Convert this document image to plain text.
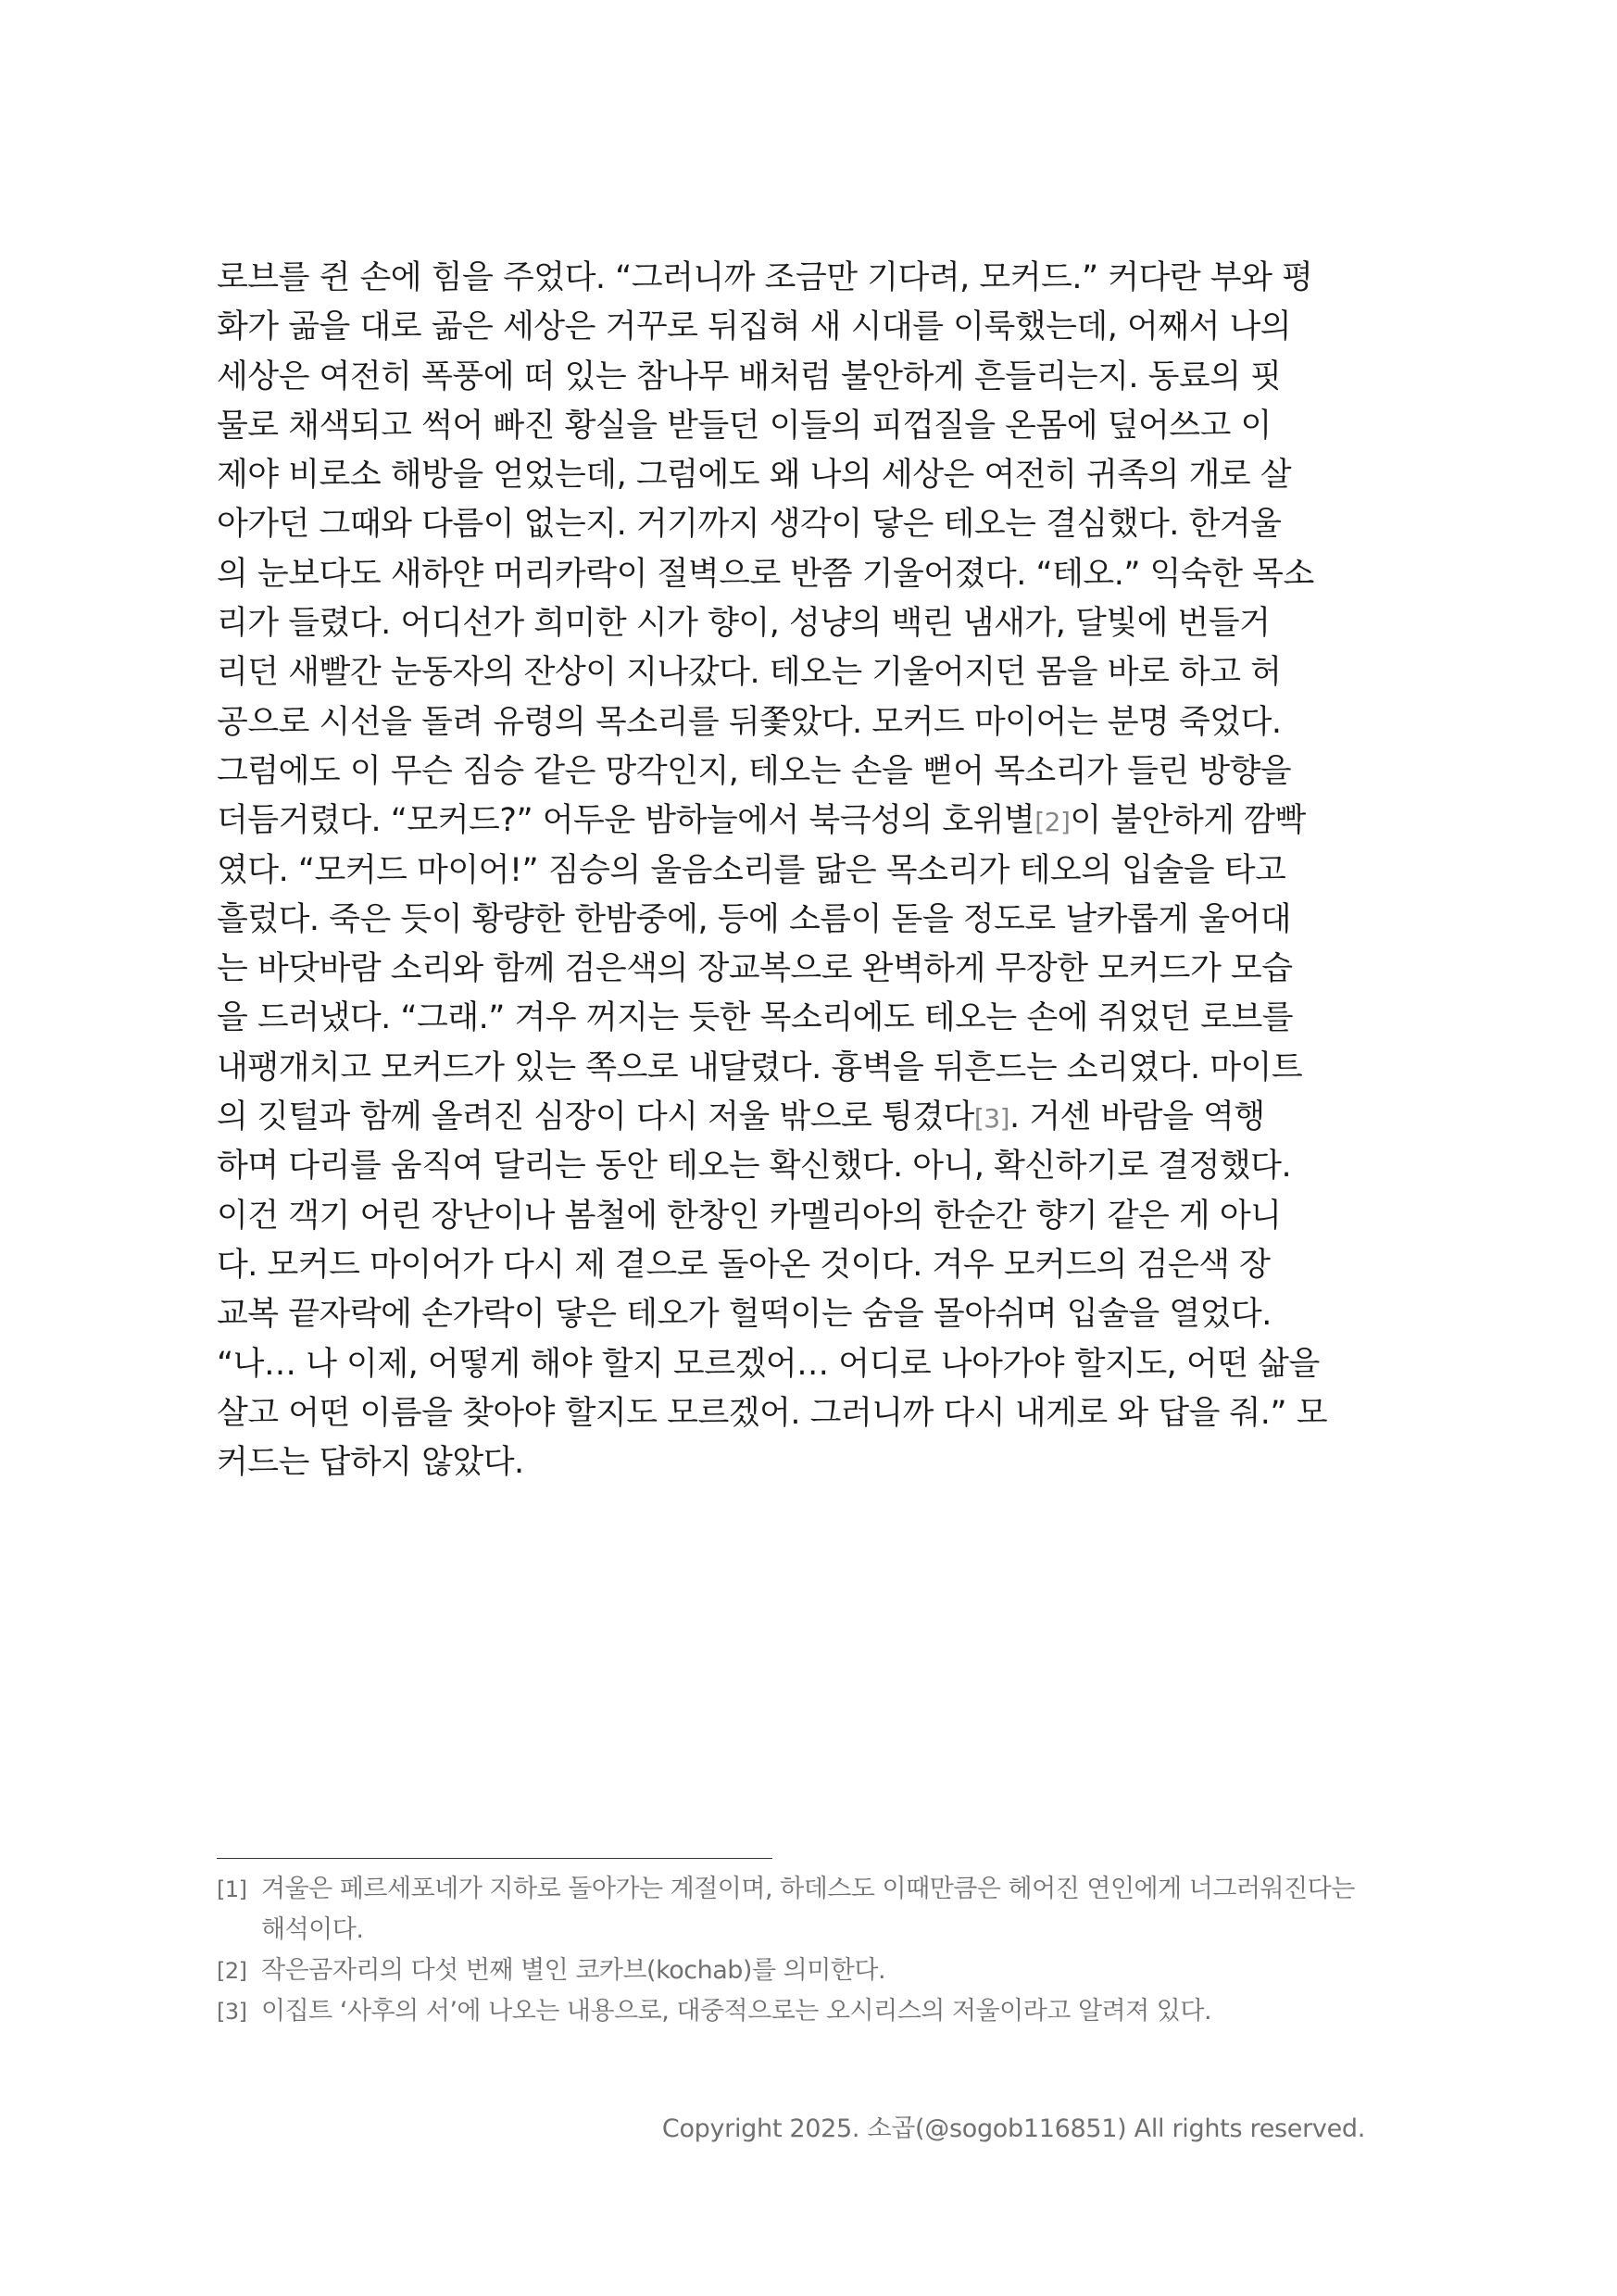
로브를 쥔 손에 힘을 주었다. “그러니까 조금만 기다려, 모커드.” 커다란 부와 평
화가 곪을 대로 곪은 세상은 거꾸로 뒤집혀 새 시대를 이룩했는데, 어째서 나의
세상은 여전히 폭풍에 떠 있는 참나무 배처럼 불안하게 흔들리는지. 동료의 핏
물로 채색되고 썩어 빠진 황실을 받들던 이들의 피껍질을 온몸에 덮어쓰고 이
제야 비로소 해방을 얻었는데, 그럼에도 왜 나의 세상은 여전히 귀족의 개로 살
아가던 그때와 다름이 없는지. 거기까지 생각이 닿은 테오는 결심했다. 한겨울
의 눈보다도 새하얀 머리카락이 절벽으로 반쯤 기울어졌다. “테오.” 익숙한 목소
리가 들렸다. 어디선가 희미한 시가 향이, 성냥의 백린 냄새가, 달빛에 번들거
리던 새빨간 눈동자의 잔상이 지나갔다. 테오는 기울어지던 몸을 바로 하고 허
공으로 시선을 돌려 유령의 목소리를 뒤쫓았다. 모커드 마이어는 분명 죽었다.
그럼에도 이 무슨 짐승 같은 망각인지, 테오는 손을 뻗어 목소리가 들린 방향을
더듬거렸다. “모커드?” 어두운 밤하늘에서 북극성의 호위별[2]이 불안하게 깜빡
였다. “모커드 마이어!” 짐승의 울음소리를 닮은 목소리가 테오의 입술을 타고
흘렀다. 죽은 듯이 황량한 한밤중에, 등에 소름이 돋을 정도로 날카롭게 울어대
는 바닷바람 소리와 함께 검은색의 장교복으로 완벽하게 무장한 모커드가 모습
을 드러냈다. “그래.” 겨우 꺼지는 듯한 목소리에도 테오는 손에 쥐었던 로브를
내팽개치고 모커드가 있는 쪽으로 내달렸다. 흉벽을 뒤흔드는 소리였다. 마이트
의 깃털과 함께 올려진 심장이 다시 저울 밖으로 튕겼다[3]. 거센 바람을 역행
하며 다리를 움직여 달리는 동안 테오는 확신했다. 아니, 확신하기로 결정했다.
이건 객기 어린 장난이나 봄철에 한창인 카멜리아의 한순간 향기 같은 게 아니
다. 모커드 마이어가 다시 제 곁으로 돌아온 것이다. 겨우 모커드의 검은색 장
교복 끝자락에 손가락이 닿은 테오가 헐떡이는 숨을 몰아쉬며 입술을 열었다.
“나… 나 이제, 어떻게 해야 할지 모르겠어… 어디로 나아가야 할지도, 어떤 삶을
살고 어떤 이름을 찾아야 할지도 모르겠어. 그러니까 다시 내게로 와 답을 줘.” 모
커드는 답하지 않았다.
[1] 겨울은 페르세포네가 지하로 돌아가는 계절이며, 하데스도 이때만큼은 헤어진 연인에게 너그러워진다는 해석이다.
[2] 작은곰자리의 다섯 번째 별인 코카브(kochab)를 의미한다.
[3] 이집트 ‘사후의 서’에 나오는 내용으로, 대중적으로는 오시리스의 저울이라고 알려져 있다.
Copyright 2025. 소곱(@sogob116851) All rights reserved.
